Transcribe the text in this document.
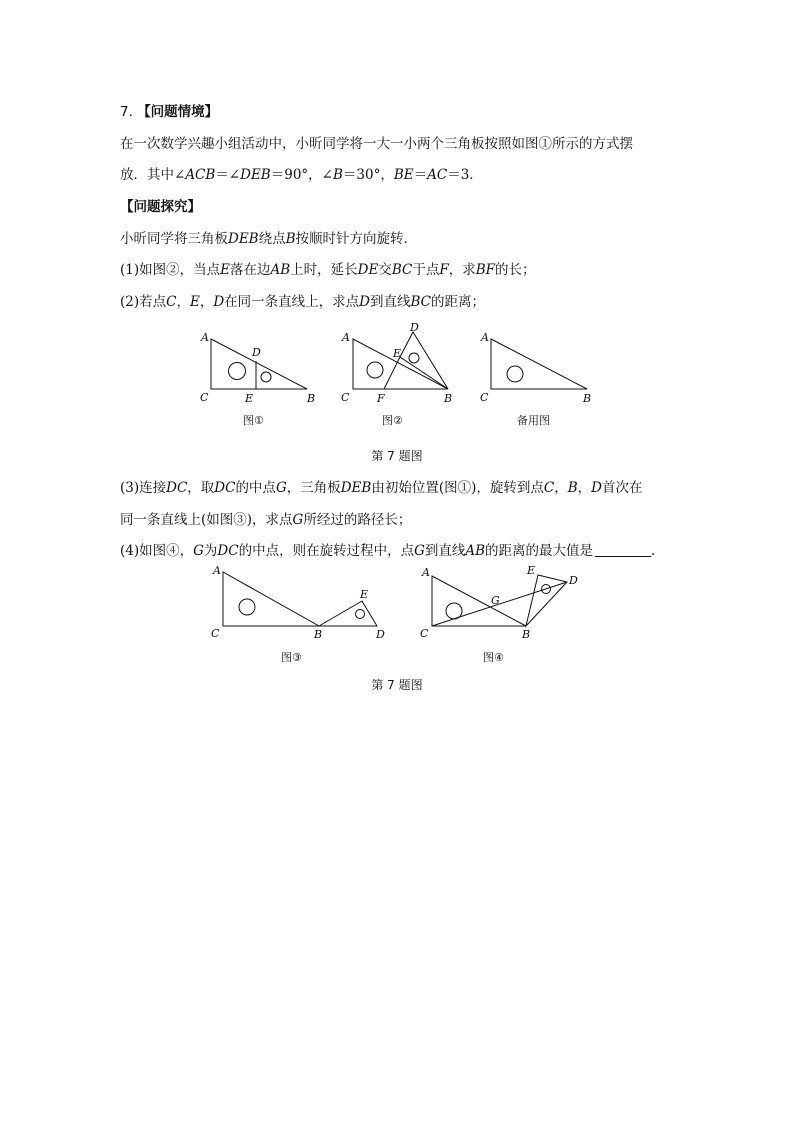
7. 【问题情境】
在一次数学兴趣小组活动中，小昕同学将一大一小两个三角板按照如图①所示的方式摆
放．其中∠ACB＝∠DEB＝90°，∠B＝30°，BE＝AC＝3．
【问题探究】
小昕同学将三角板DEB绕点B按顺时针方向旋转．
(1)如图②，当点E落在边AB上时，延长DE交BC于点F，求BF的长；
(2)若点C，E，D在同一条直线上，求点D到直线BC的距离；
A
D
C	E	B
图①
A
D
E
C	F	B
图②
A
C	B
备用图
第 7 题图
(3)连接DC，取DC的中点G，三角板DEB由初始位置(图①)，旋转到点C，B，D首次在
同一条直线上(如图③)，求点G所经过的路径长；
(4)如图④，G为DC的中点，则在旋转过程中，点G到直线AB的距离的最大值是	．
A
E
C	B	D
图③
A	E
D
G
C	B
图④
第 7 题图
